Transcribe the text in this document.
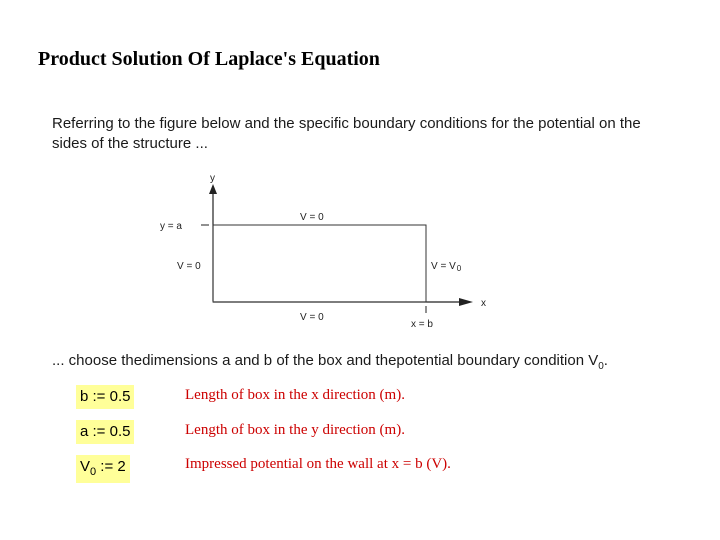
Product Solution Of Laplace's Equation
Referring to the figure below and the specific boundary conditions for the potential on the
sides of the structure ...
y
x
y = a
x = b
V = 0
V = 0
V = 0
$V = V_0$
... choose thedimensions a and b of the box and thepotential boundary condition $V_0$.
b := 0.5	Length of box in the x direction (m).
a := 0.5	Length of box in the y direction (m).
$V_0$ := 2	Impressed potential on the wall at x = b (V).
